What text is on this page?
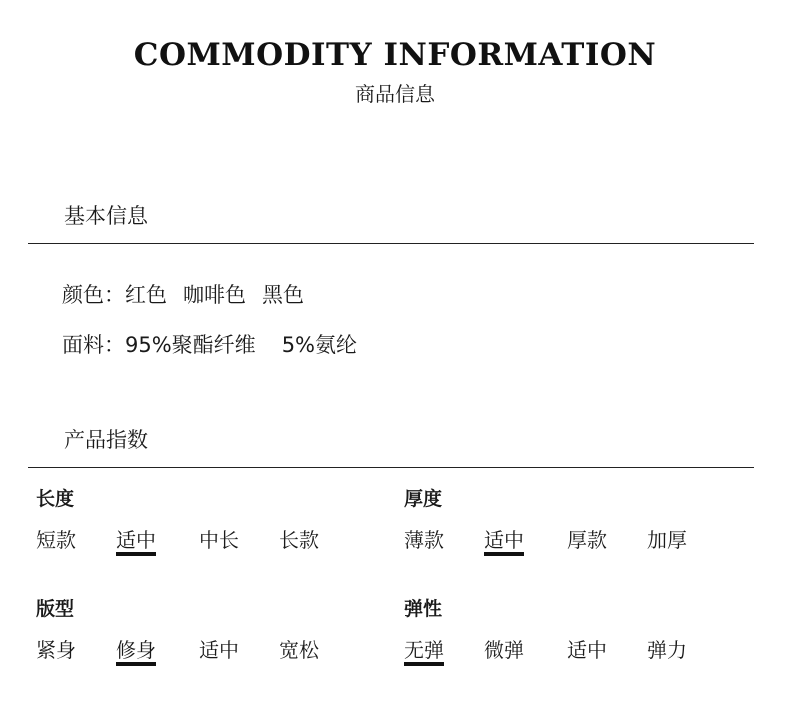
COMMODITY INFORMATION
商品信息
基本信息
颜色：红色 咖啡色 黑色
面料：95%聚酯纤维 5%氨纶
产品指数
长度
短款 适中 中长 长款
厚度
薄款 适中 厚款 加厚
版型
紧身 修身 适中 宽松
弹性
无弹 微弹 适中 弹力
